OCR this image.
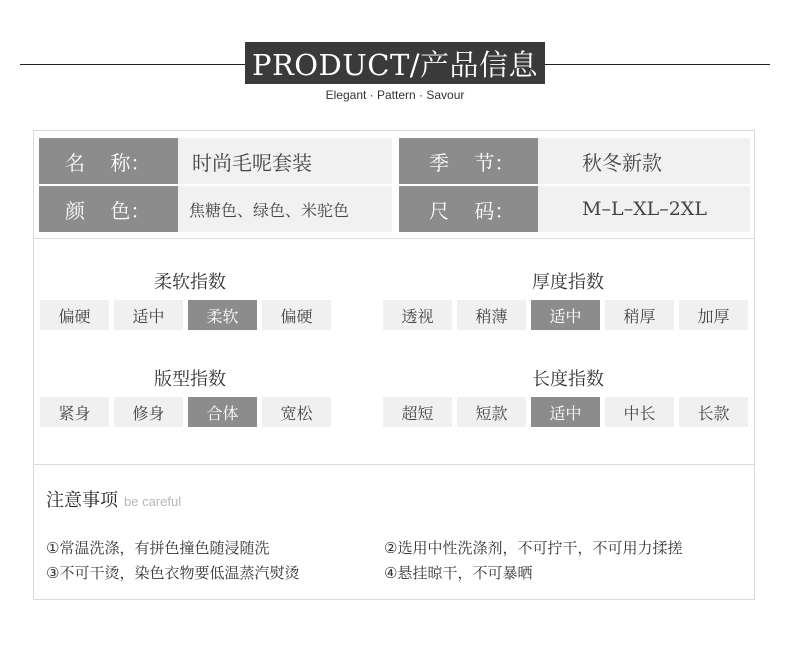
PRODUCT/产品信息
Elegant · Pattern · Savour
名    称：	时尚毛呢套装	季    节：	秋冬新款
颜    色：	焦糖色、绿色、米驼色	尺    码：	M–L–XL–2XL
柔软指数
偏硬	适中	柔软	偏硬
厚度指数
透视	稍薄	适中	稍厚	加厚
版型指数
紧身	修身	合体	宽松
长度指数
超短	短款	适中	中长	长款
注意事项 be careful
①常温洗涤，有拼色撞色随浸随洗	②选用中性洗涤剂，不可拧干，不可用力揉搓
③不可干烫，染色衣物要低温蒸汽熨烫	④悬挂晾干，不可暴晒
